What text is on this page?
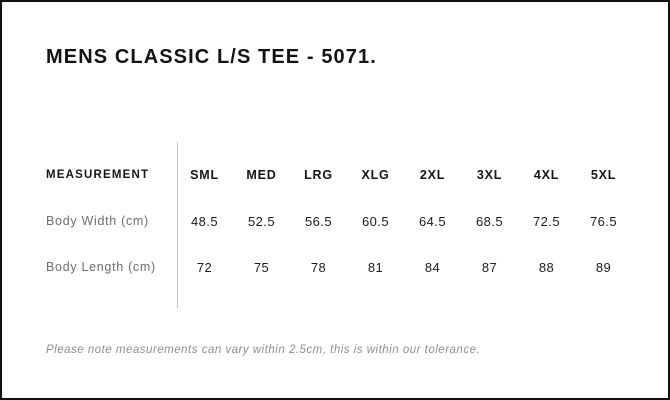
MENS CLASSIC L/S TEE - 5071.
MEASUREMENT	SML	MED	LRG	XLG	2XL	3XL	4XL	5XL
Body Width (cm)	48.5	52.5	56.5	60.5	64.5	68.5	72.5	76.5
Body Length (cm)	72	75	78	81	84	87	88	89
Please note measurements can vary within 2.5cm, this is within our tolerance.
